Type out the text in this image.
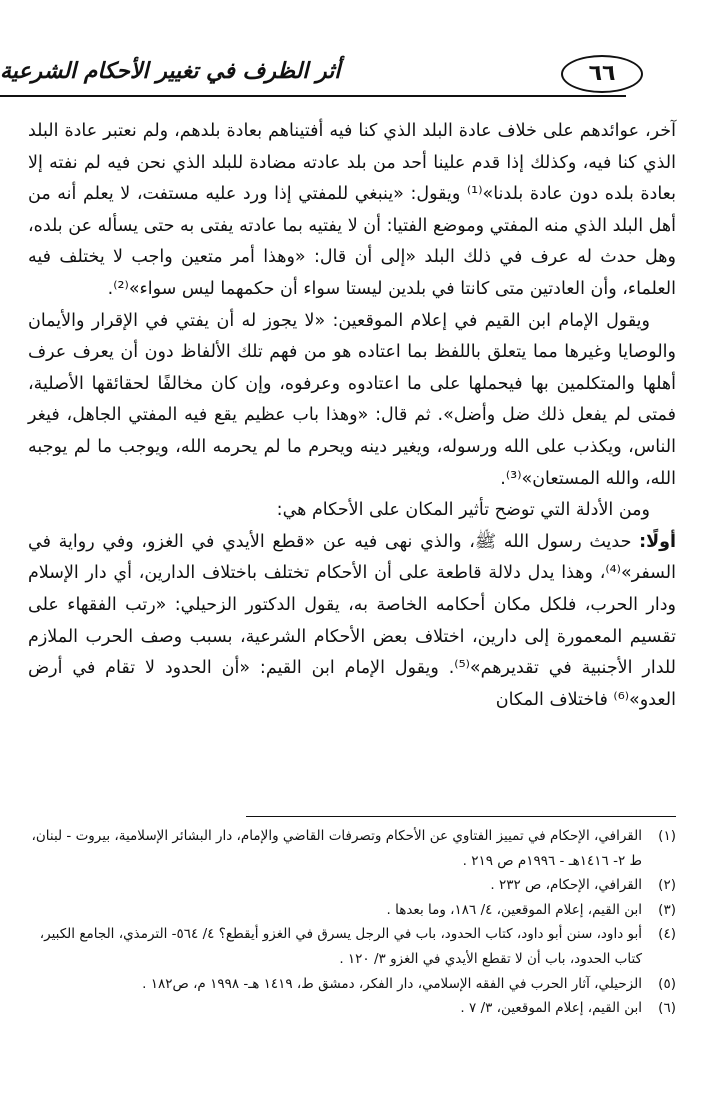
٦٦
أثر الظرف في تغيير الأحكام الشرعية

آخر، عوائدهم على خلاف عادة البلد الذي كنا فيه أفتيناهم بعادة بلدهم، ولم نعتبر عادة البلد الذي كنا فيه، وكذلك إذا قدم علينا أحد من بلد عادته مضادة للبلد الذي نحن فيه لم نفته إلا بعادة بلده دون عادة بلدنا»⁽¹⁾ ويقول: «ينبغي للمفتي إذا ورد عليه مستفت، لا يعلم أنه من أهل البلد الذي منه المفتي وموضع الفتيا: أن لا يفتيه بما عادته يفتى به حتى يسأله عن بلده، وهل حدث له عرف في ذلك البلد «إلى أن قال: «وهذا أمر متعين واجب لا يختلف فيه العلماء، وأن العادتين متى كانتا في بلدين ليستا سواء أن حكمهما ليس سواء»⁽²⁾.

ويقول الإمام ابن القيم في إعلام الموقعين: «لا يجوز له أن يفتي في الإقرار والأيمان والوصايا وغيرها مما يتعلق باللفظ بما اعتاده هو من فهم تلك الألفاظ دون أن يعرف عرف أهلها والمتكلمين بها فيحملها على ما اعتادوه وعرفوه، وإن كان مخالفًا لحقائقها الأصلية، فمتى لم يفعل ذلك ضل وأضل». ثم قال: «وهذا باب عظيم يقع فيه المفتي الجاهل، فيغر الناس، ويكذب على الله ورسوله، ويغير دينه ويحرم ما لم يحرمه الله، ويوجب ما لم يوجبه الله، والله المستعان»⁽³⁾.

ومن الأدلة التي توضح تأثير المكان على الأحكام هي:

أولًا: حديث رسول الله ﷺ، والذي نهى فيه عن «قطع الأيدي في الغزو، وفي رواية في السفر»⁽⁴⁾، وهذا يدل دلالة قاطعة على أن الأحكام تختلف باختلاف الدارين، أي دار الإسلام ودار الحرب، فلكل مكان أحكامه الخاصة به، يقول الدكتور الزحيلي: «رتب الفقهاء على تقسيم المعمورة إلى دارين، اختلاف بعض الأحكام الشرعية، بسبب وصف الحرب الملازم للدار الأجنبية في تقديرهم»⁽⁵⁾. ويقول الإمام ابن القيم: «أن الحدود لا تقام في أرض العدو»⁽⁶⁾ فاختلاف المكان

(١)
القرافي، الإحكام في تمييز الفتاوي عن الأحكام وتصرفات القاضي والإمام، دار البشائر الإسلامية، بيروت - لبنان، ط ٢- ١٤١٦هـ - ١٩٩٦م ص ٢١٩ .
(٢)
القرافي، الإحكام، ص ٢٣٢ .
(٣)
ابن القيم، إعلام الموقعين، ٤/ ١٨٦، وما بعدها .
(٤)
أبو داود، سنن أبو داود، كتاب الحدود، باب في الرجل يسرق في الغزو أيقطع؟ ٤/ ٥٦٤- الترمذي، الجامع الكبير، كتاب الحدود، باب أن لا تقطع الأيدي في الغزو ٣/ ١٢٠ .
(٥)
الزحيلي، آثار الحرب في الفقه الإسلامي، دار الفكر، دمشق ط، ١٤١٩ هـ- ١٩٩٨ م، ص١٨٢ .
(٦)
ابن القيم، إعلام الموقعين، ٣/ ٧ .
